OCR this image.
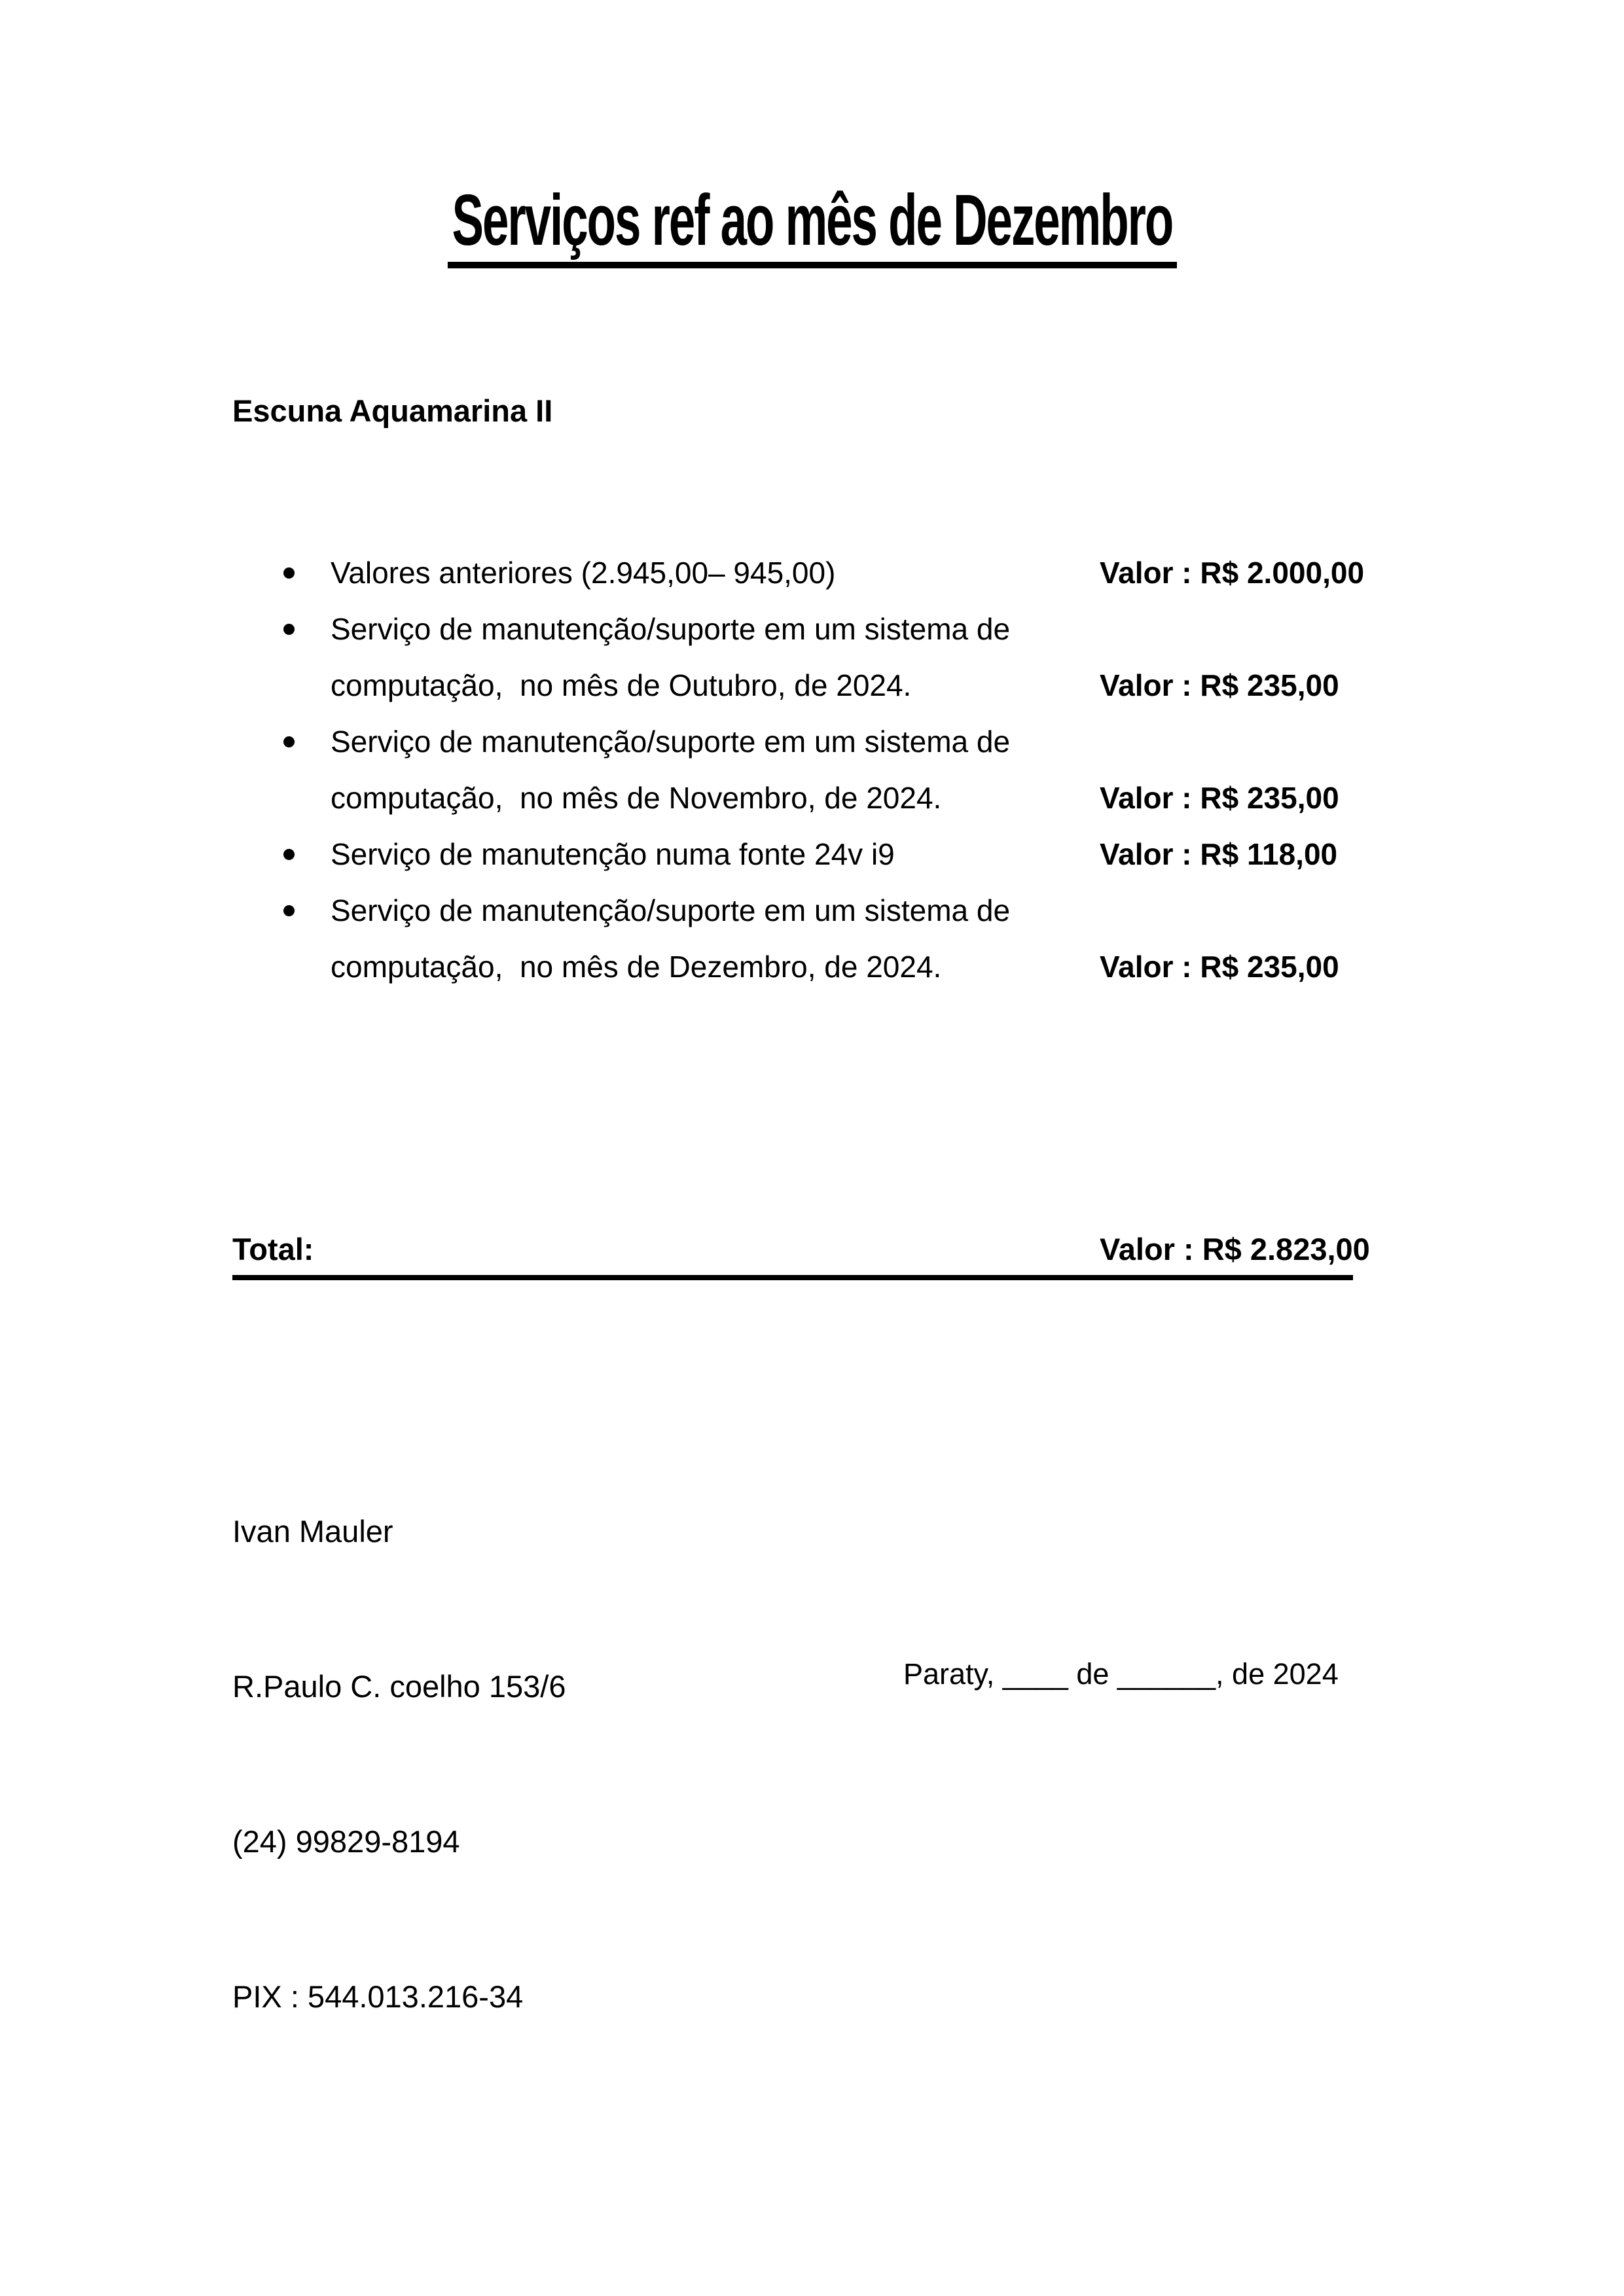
Serviços ref ao mês de Dezembro
Escuna Aquamarina II
Valores anteriores (2.945,00– 945,00)	Valor : R$ 2.000,00
Serviço de manutenção/suporte em um sistema de
computação,  no mês de Outubro, de 2024.	Valor : R$ 235,00
Serviço de manutenção/suporte em um sistema de
computação,  no mês de Novembro, de 2024.	Valor : R$ 235,00
Serviço de manutenção numa fonte 24v i9	Valor : R$ 118,00
Serviço de manutenção/suporte em um sistema de
computação,  no mês de Dezembro, de 2024.	Valor : R$ 235,00
Total:	Valor : R$ 2.823,00

Ivan Mauler

R.Paulo C. coelho 153/6

(24) 99829-8194

PIX : 544.013.216-34

Paraty, ____ de ______, de 2024
